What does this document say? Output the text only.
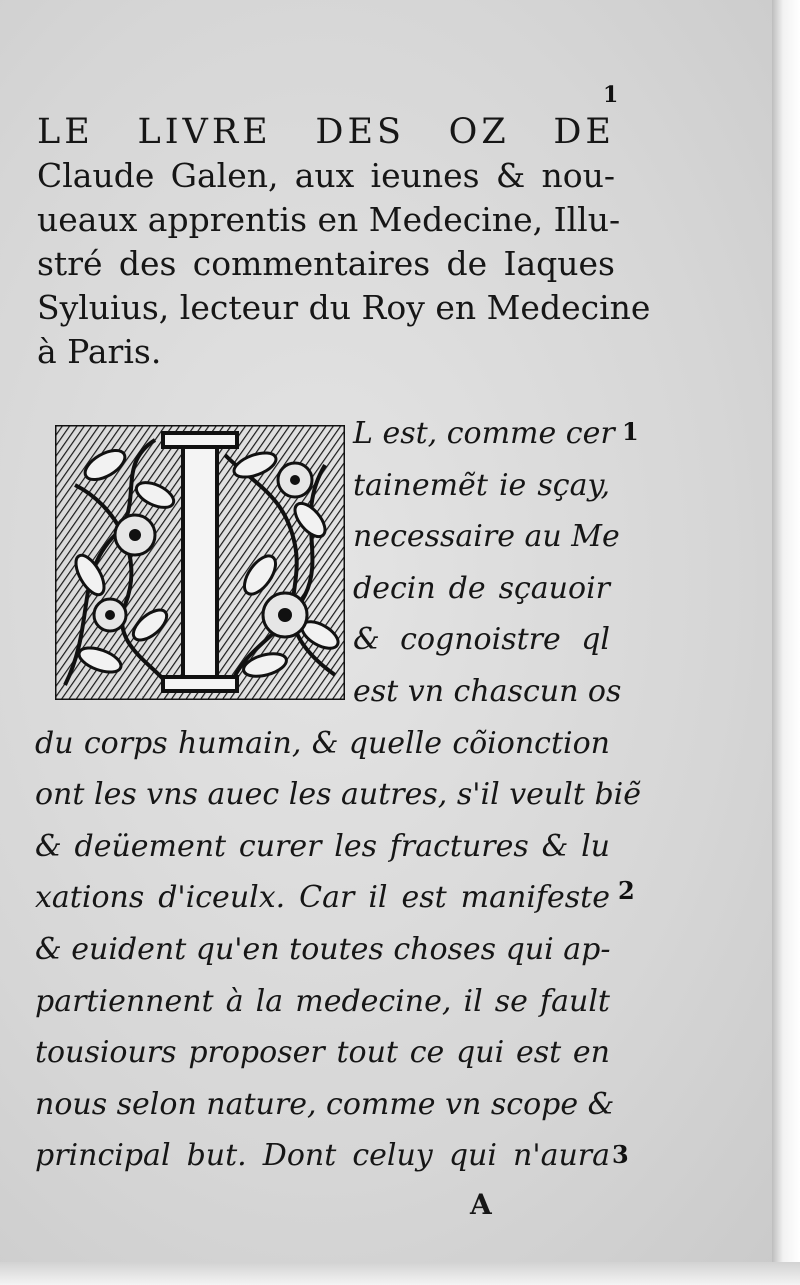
1
LE LIVRE DES OZ DE
Claude Galen, aux ieunes & nou-
ueaux apprentis en Medecine, Illu-
stré des commentaires de Iaques
Syluius, lecteur du Roy en Medecine
à Paris.
L est, comme cer
tainemẽt ie sçay,
necessaire au Me
decin de sçauoir
& cognoistre ql
est vn chascun os
du corps humain, & quelle cõionction
ont les vns auec les autres, s'il veult biẽ
& deüement curer les fractures & lu
xations d'iceulx. Car il est manifeste
& euident qu'en toutes choses qui ap-
partiennent à la medecine, il se fault
tousiours proposer tout ce qui est en
nous selon nature, comme vn scope &
principal but. Dont celuy qui n'aura
1
2
3
A
